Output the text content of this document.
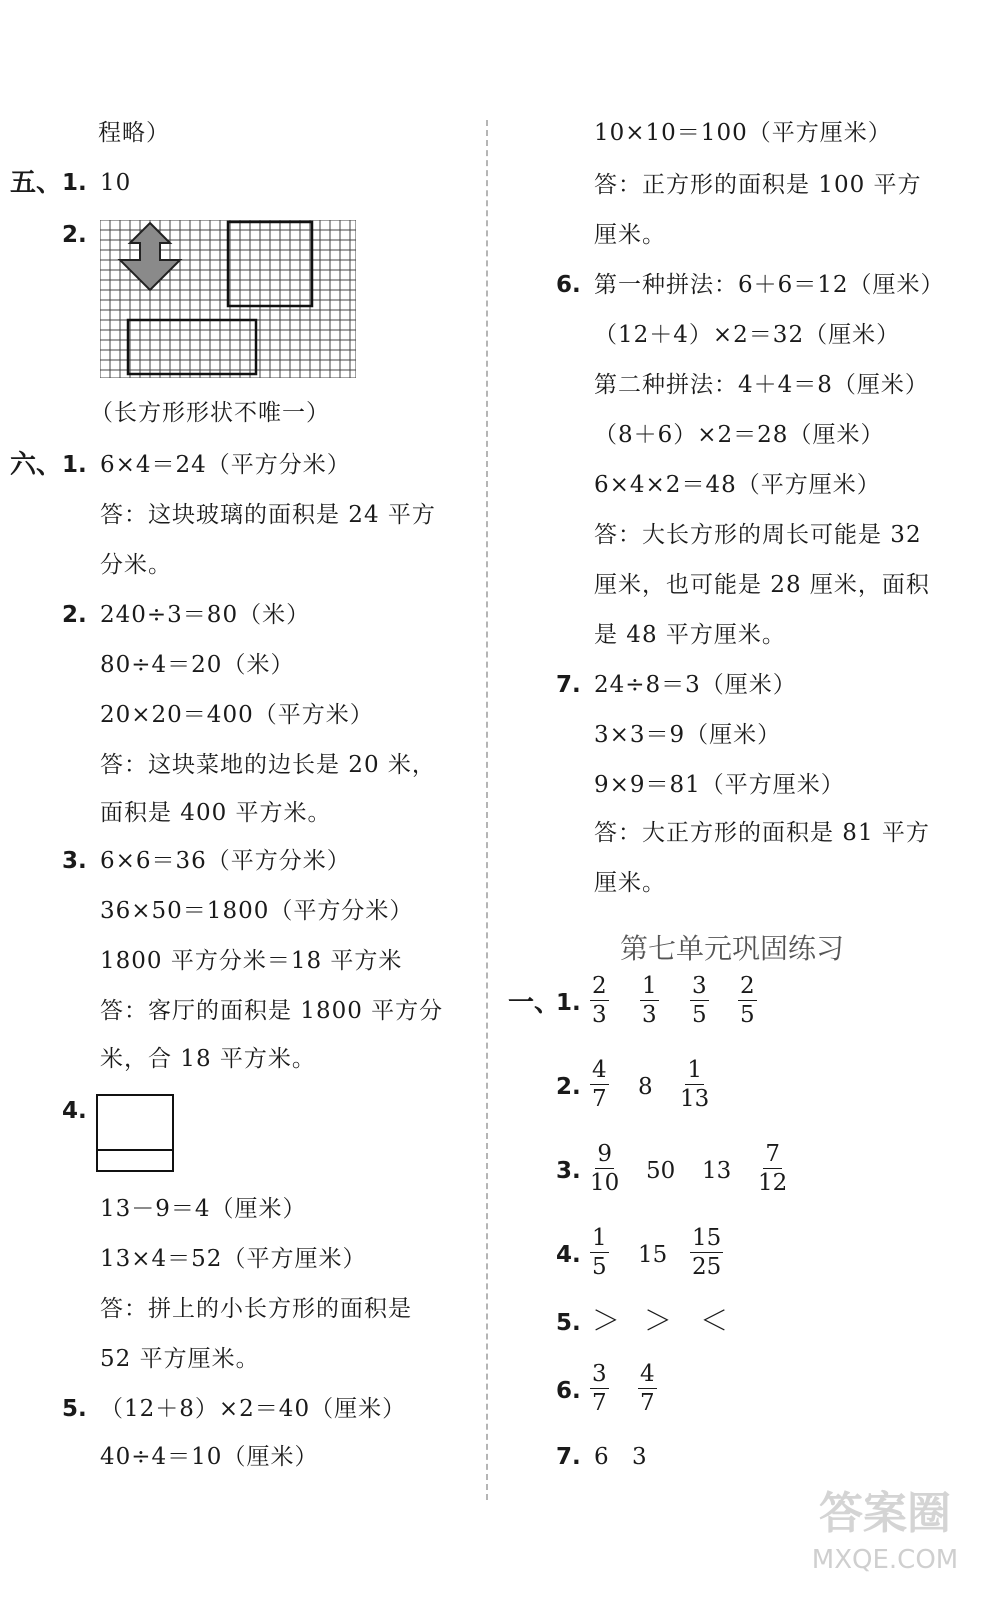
程略）
五、 1. 10
2.
（长方形形状不唯一）
六、 1. 6×4＝24（平方分米）
答：这块玻璃的面积是 24 平方
分米。
2. 240÷3＝80（米）
80÷4＝20（米）
20×20＝400（平方米）
答：这块菜地的边长是 20 米，
面积是 400 平方米。
3. 6×6＝36（平方分米）
36×50＝1800（平方分米）
1800 平方分米＝18 平方米
答：客厅的面积是 1800 平方分
米，合 18 平方米。
4.
13－9＝4（厘米）
13×4＝52（平方厘米）
答：拼上的小长方形的面积是
52 平方厘米。
5. （12＋8）×2＝40（厘米）
40÷4＝10（厘米）
10×10＝100（平方厘米）
答：正方形的面积是 100 平方
厘米。
6. 第一种拼法：6＋6＝12（厘米）
（12＋4）×2＝32（厘米）
第二种拼法：4＋4＝8（厘米）
（8＋6）×2＝28（厘米）
6×4×2＝48（平方厘米）
答：大长方形的周长可能是 32
厘米，也可能是 28 厘米，面积
是 48 平方厘米。
7. 24÷8＝3（厘米）
3×3＝9（厘米）
9×9＝81（平方厘米）
答：大正方形的面积是 81 平方
厘米。
第七单元巩固练习
一、
1. $\frac{2}{3} \frac{1}{3} \frac{3}{5} \frac{2}{5}$
2. $\frac{4}{7} 8 \frac{1}{13}$
3. $\frac{9}{10} 50$ $13 \frac{7}{12}$
4. $\frac{1}{5} 15 \frac{15}{25}$
5. ＞ ＞ ＜
6. $\frac{3}{7} \frac{4}{7}$
7. 6 3
答案圈
MXQE.COM
